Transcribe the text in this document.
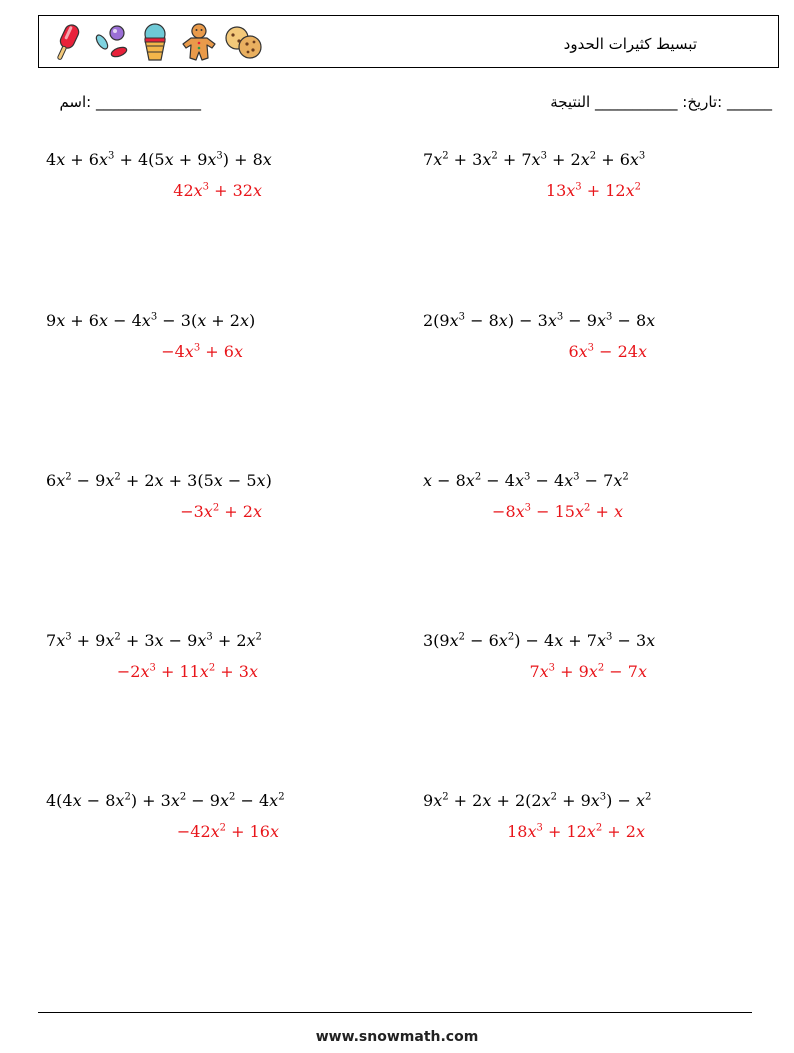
تبسيط كثيرات الحدود
______ :تاريخ: ___________ النتيجة
______________ :اسم
$4x + 6x^3 + 4(5x + 9x^3) + 8x$
$42x^3 + 32x$
$7x^2 + 3x^2 + 7x^3 + 2x^2 + 6x^3$
$13x^3 + 12x^2$
$9x + 6x - 4x^3 - 3(x + 2x)$
$-4x^3 + 6x$
$2(9x^3 - 8x) - 3x^3 - 9x^3 - 8x$
$6x^3 - 24x$
$6x^2 - 9x^2 + 2x + 3(5x - 5x)$
$-3x^2 + 2x$
$x - 8x^2 - 4x^3 - 4x^3 - 7x^2$
$-8x^3 - 15x^2 + x$
$7x^3 + 9x^2 + 3x - 9x^3 + 2x^2$
$-2x^3 + 11x^2 + 3x$
$3(9x^2 - 6x^2) - 4x + 7x^3 - 3x$
$7x^3 + 9x^2 - 7x$
$4(4x - 8x^2) + 3x^2 - 9x^2 - 4x^2$
$-42x^2 + 16x$
$9x^2 + 2x + 2(2x^2 + 9x^3) - x^2$
$18x^3 + 12x^2 + 2x$
www.snowmath.com
